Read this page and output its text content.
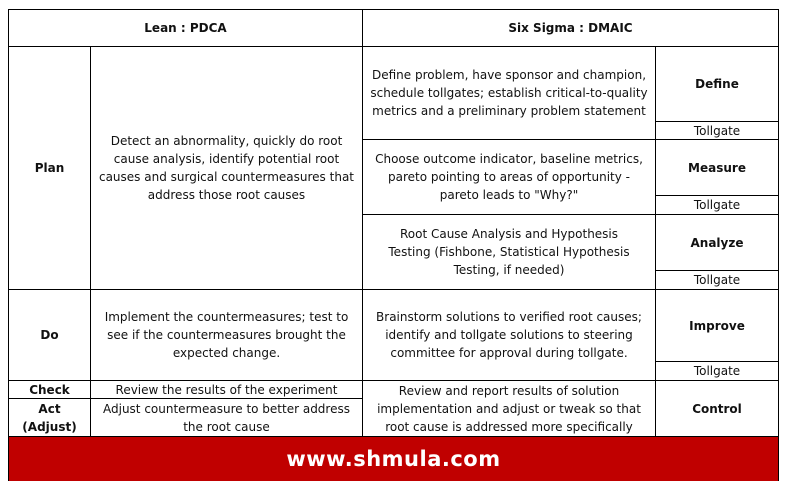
Lean : PDCA	Six Sigma : DMAIC
Plan
Do
Check
Act (Adjust)
Detect an abnormality, quickly do root cause analysis, identify potential root causes and surgical countermeasures that address those root causes
Implement the countermeasures; test to see if the countermeasures brought the expected change.
Review the results of the experiment
Adjust countermeasure to better address the root cause
Define problem, have sponsor and champion, schedule tollgates; establish critical-to-quality metrics and a preliminary problem statement
Choose outcome indicator, baseline metrics, pareto pointing to areas of opportunity - pareto leads to "Why?"
Root Cause Analysis and Hypothesis Testing (Fishbone, Statistical Hypothesis Testing, if needed)
Brainstorm solutions to verified root causes; identify and tollgate solutions to steering committee for approval during tollgate.
Review and report results of solution implementation and adjust or tweak so that root cause is addressed more specifically
Define
Tollgate
Measure
Tollgate
Analyze
Tollgate
Improve
Tollgate
Control
www.shmula.com
